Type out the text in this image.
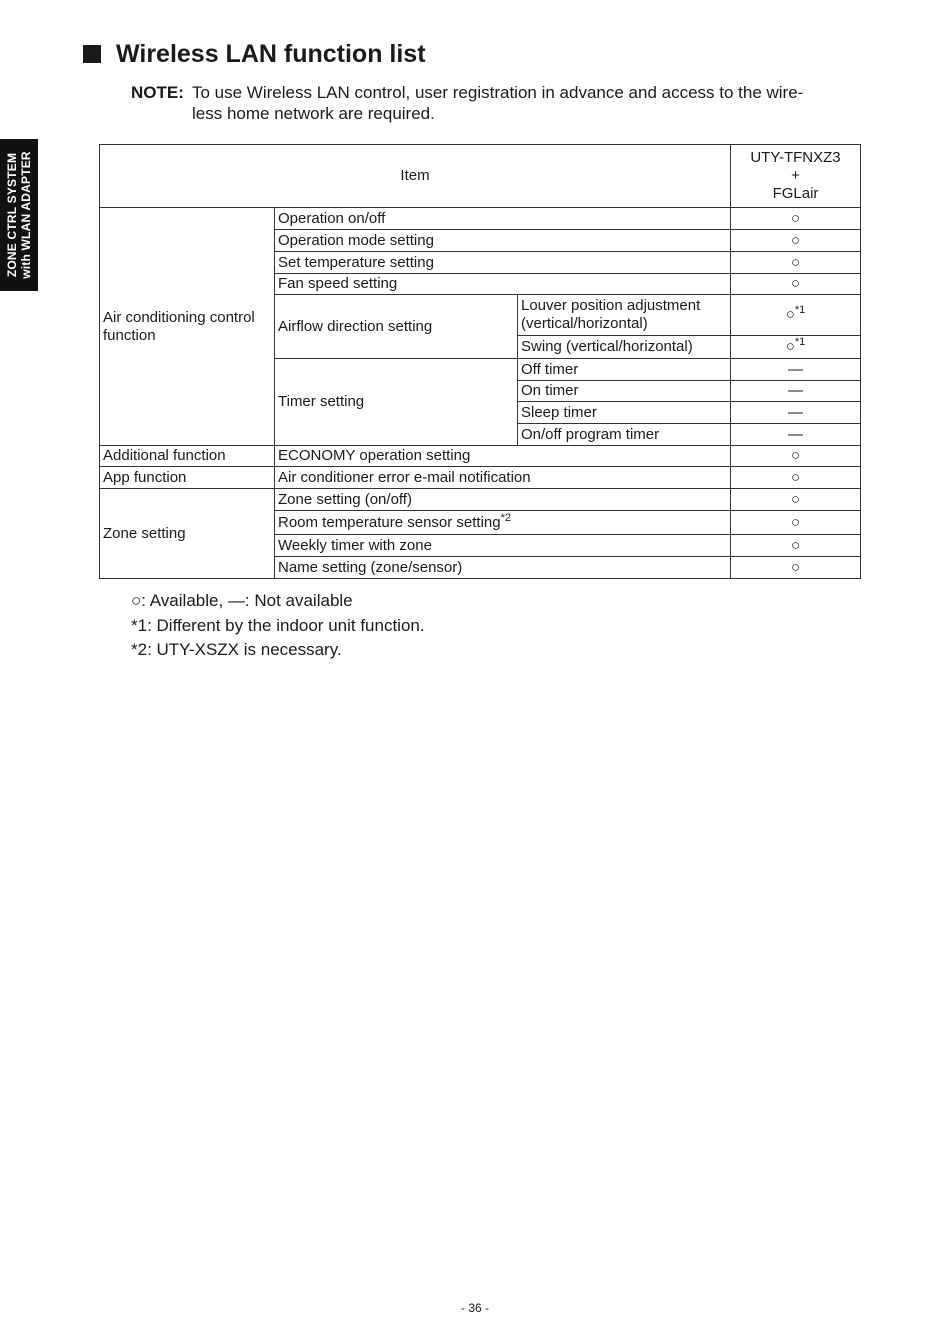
ZONE CTRL SYSTEM with WLAN ADAPTER
Wireless LAN function list
NOTE: To use Wireless LAN control, user registration in advance and access to the wire-less home network are required.
Item			UTY-TFNXZ3
+
FGLair

Air conditioning control function	Operation on/off		○
	Operation mode setting		○
	Set temperature setting		○
	Fan speed setting		○
	Airflow direction setting	Louver position adjustment
(vertical/horizontal)	○$^{*1}$
		Swing (vertical/horizontal)	○$^{*1}$
	Timer setting	Off timer	—
		On timer	—
		Sleep timer	—
		On/off program timer	—
Additional function	ECONOMY operation setting		○
App function	Air conditioner error e-mail notification		○
Zone setting	Zone setting (on/off)		○
	Room temperature sensor setting$^{*2}$		○
	Weekly timer with zone		○
	Name setting (zone/sensor)		○
○: Available, —: Not available
*1: Different by the indoor unit function.
*2: UTY-XSZX is necessary.
- 36 -
